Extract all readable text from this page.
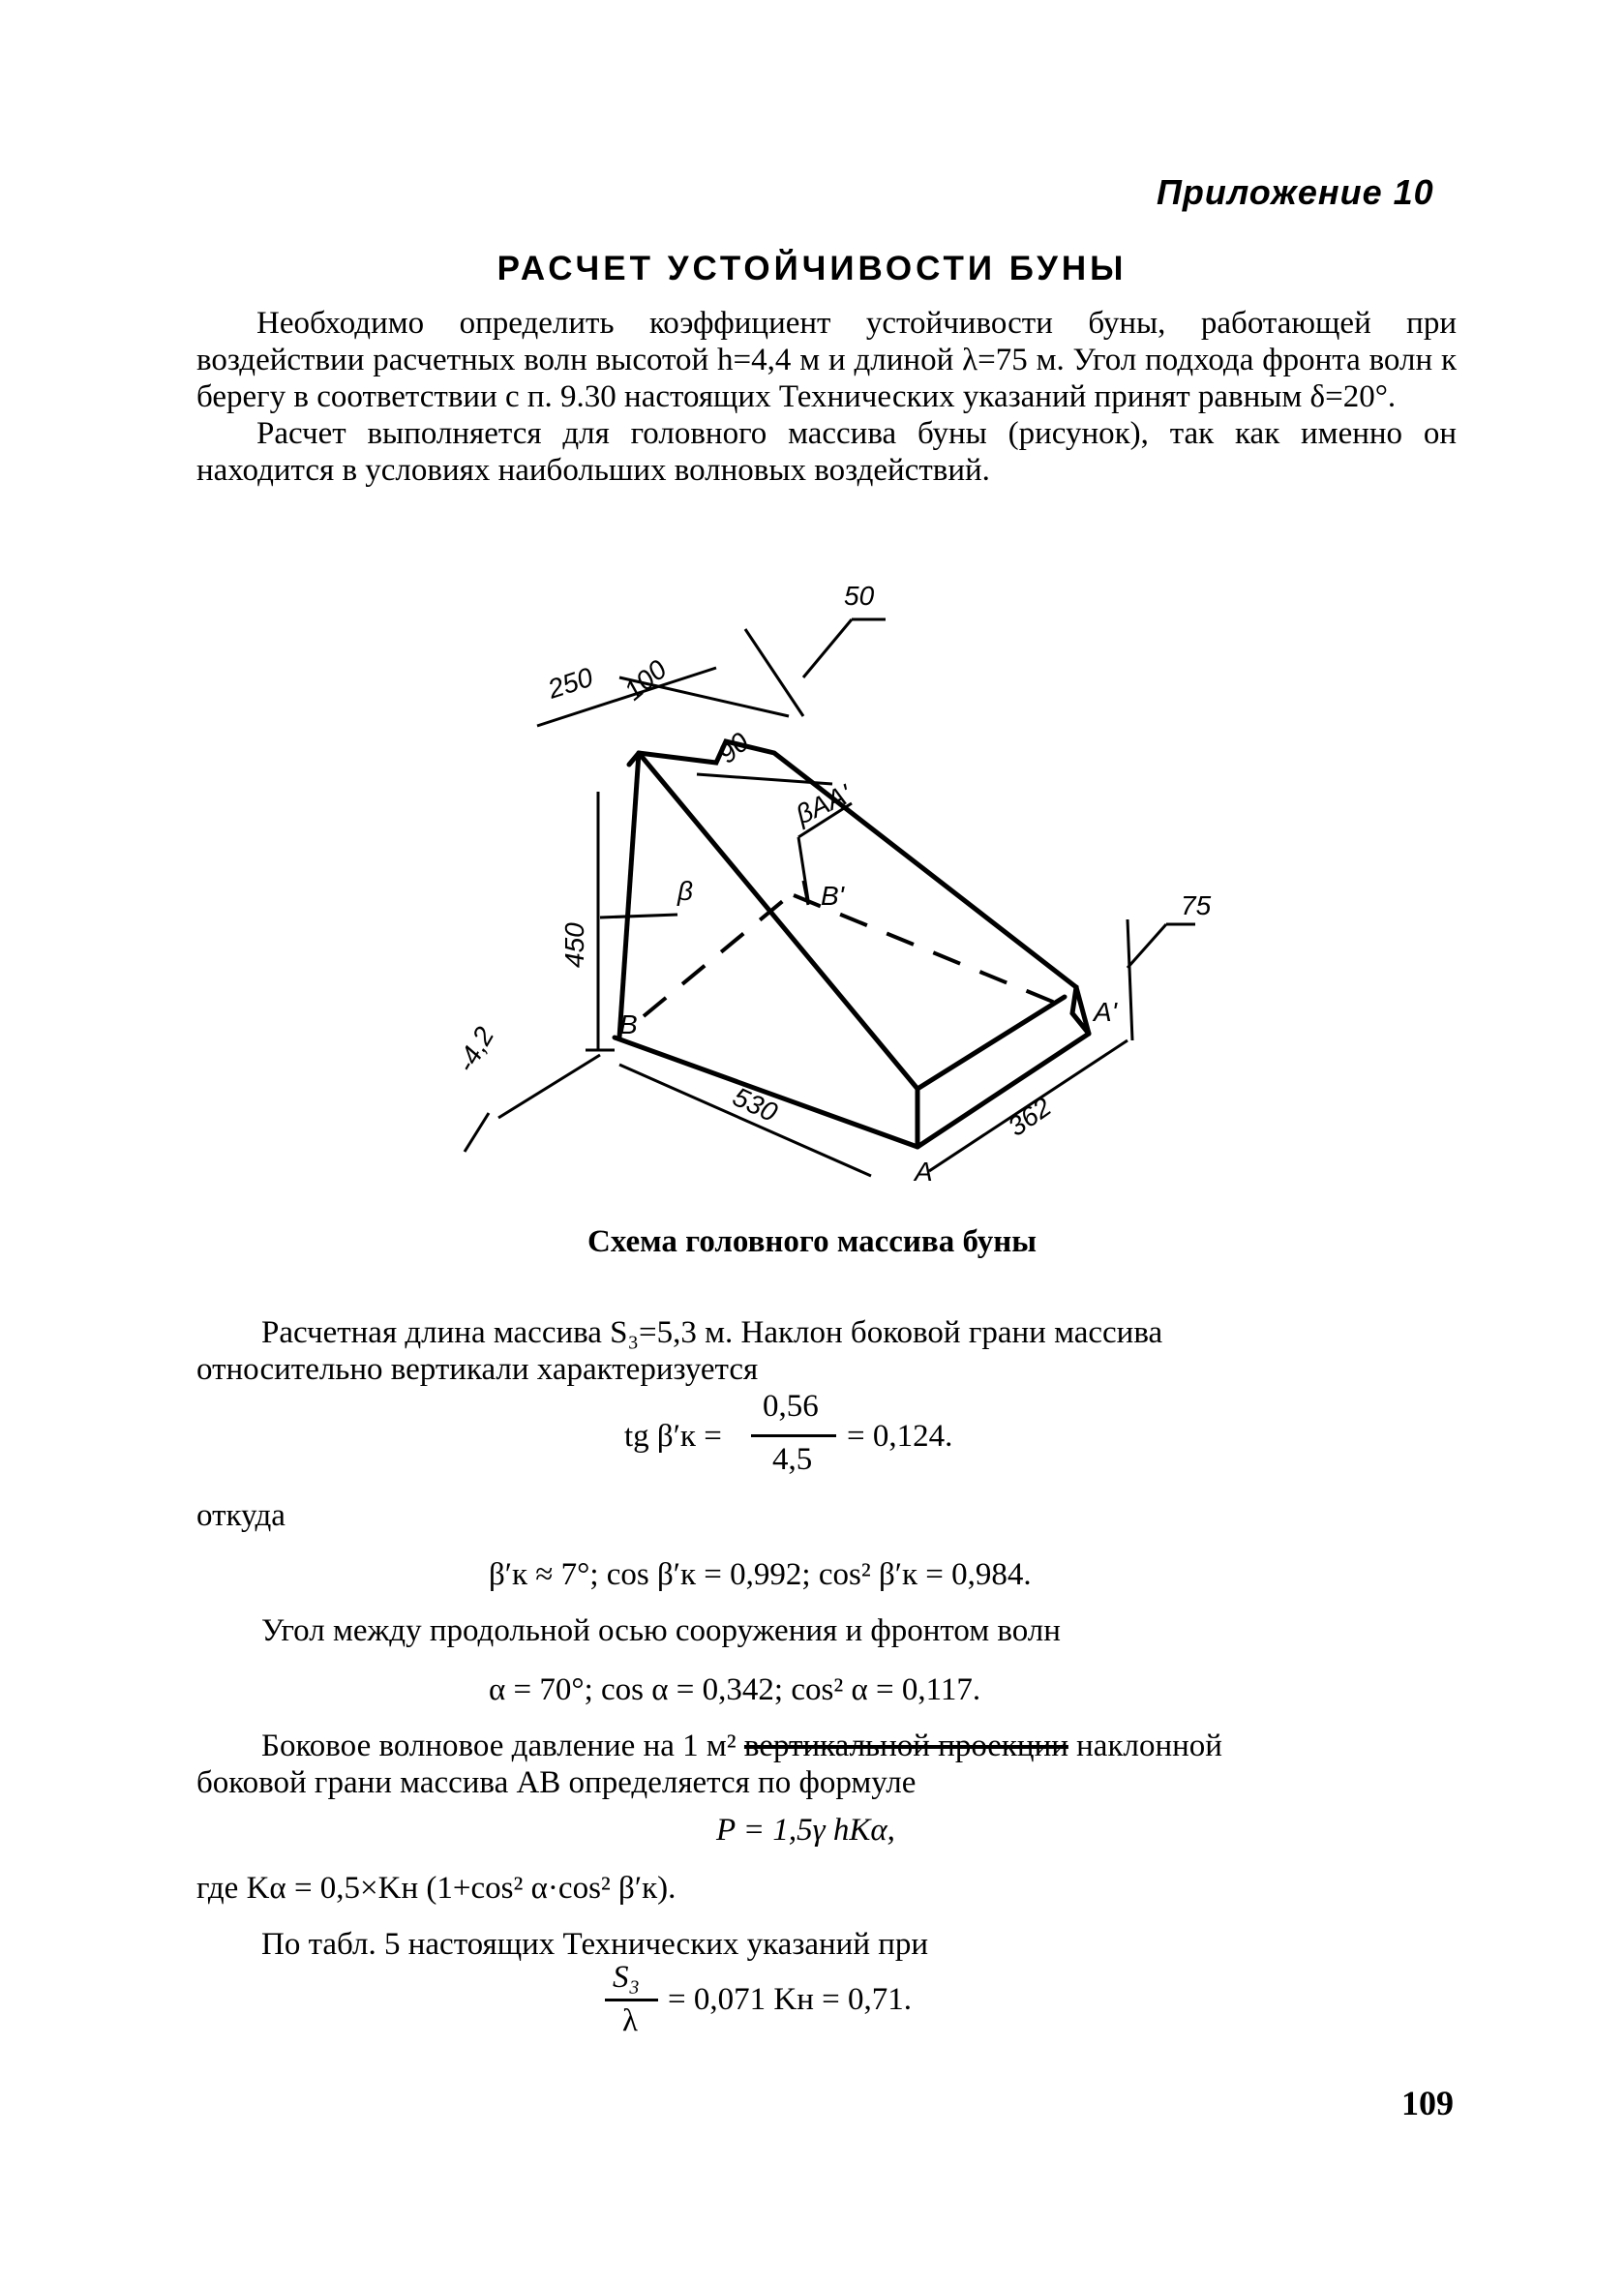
Приложение 10
РАСЧЕТ УСТОЙЧИВОСТИ БУНЫ

Необходимо определить коэффициент устойчивости буны, работающей при воздействии расчетных волн высотой h=4,4 м и длиной λ=75 м. Угол подхода фронта волн к берегу в соответствии с п. 9.30 настоящих Технических указаний принят равным δ=20°.

Расчет выполняется для головного массива буны (рисунок), так как именно он находится в условиях наибольших волновых воздействий.

250 100
90
50
75
450
530	362
-4,2
β
βAA'
B'
B	A'
A
Схема головного массива буны
Расчетная длина массива S₃=5,3 м. Наклон боковой грани массива
относительно вертикали характеризуется
tg β′к =
0,56
4,5
= 0,124.
откуда
β′к ≈ 7°; cos β′к = 0,992; cos² β′к = 0,984.
Угол между продольной осью сооружения и фронтом волн
α = 70°; cos α = 0,342; cos² α = 0,117.
Боковое волновое давление на 1 м² вертикальной проекции наклонной
боковой грани массива АВ определяется по формуле
P = 1,5γ hKα,
где Kα = 0,5×Kн (1+cos² α·cos² β′к).
По табл. 5 настоящих Технических указаний при
S₃
λ
= 0,071 Kн = 0,71.
109
